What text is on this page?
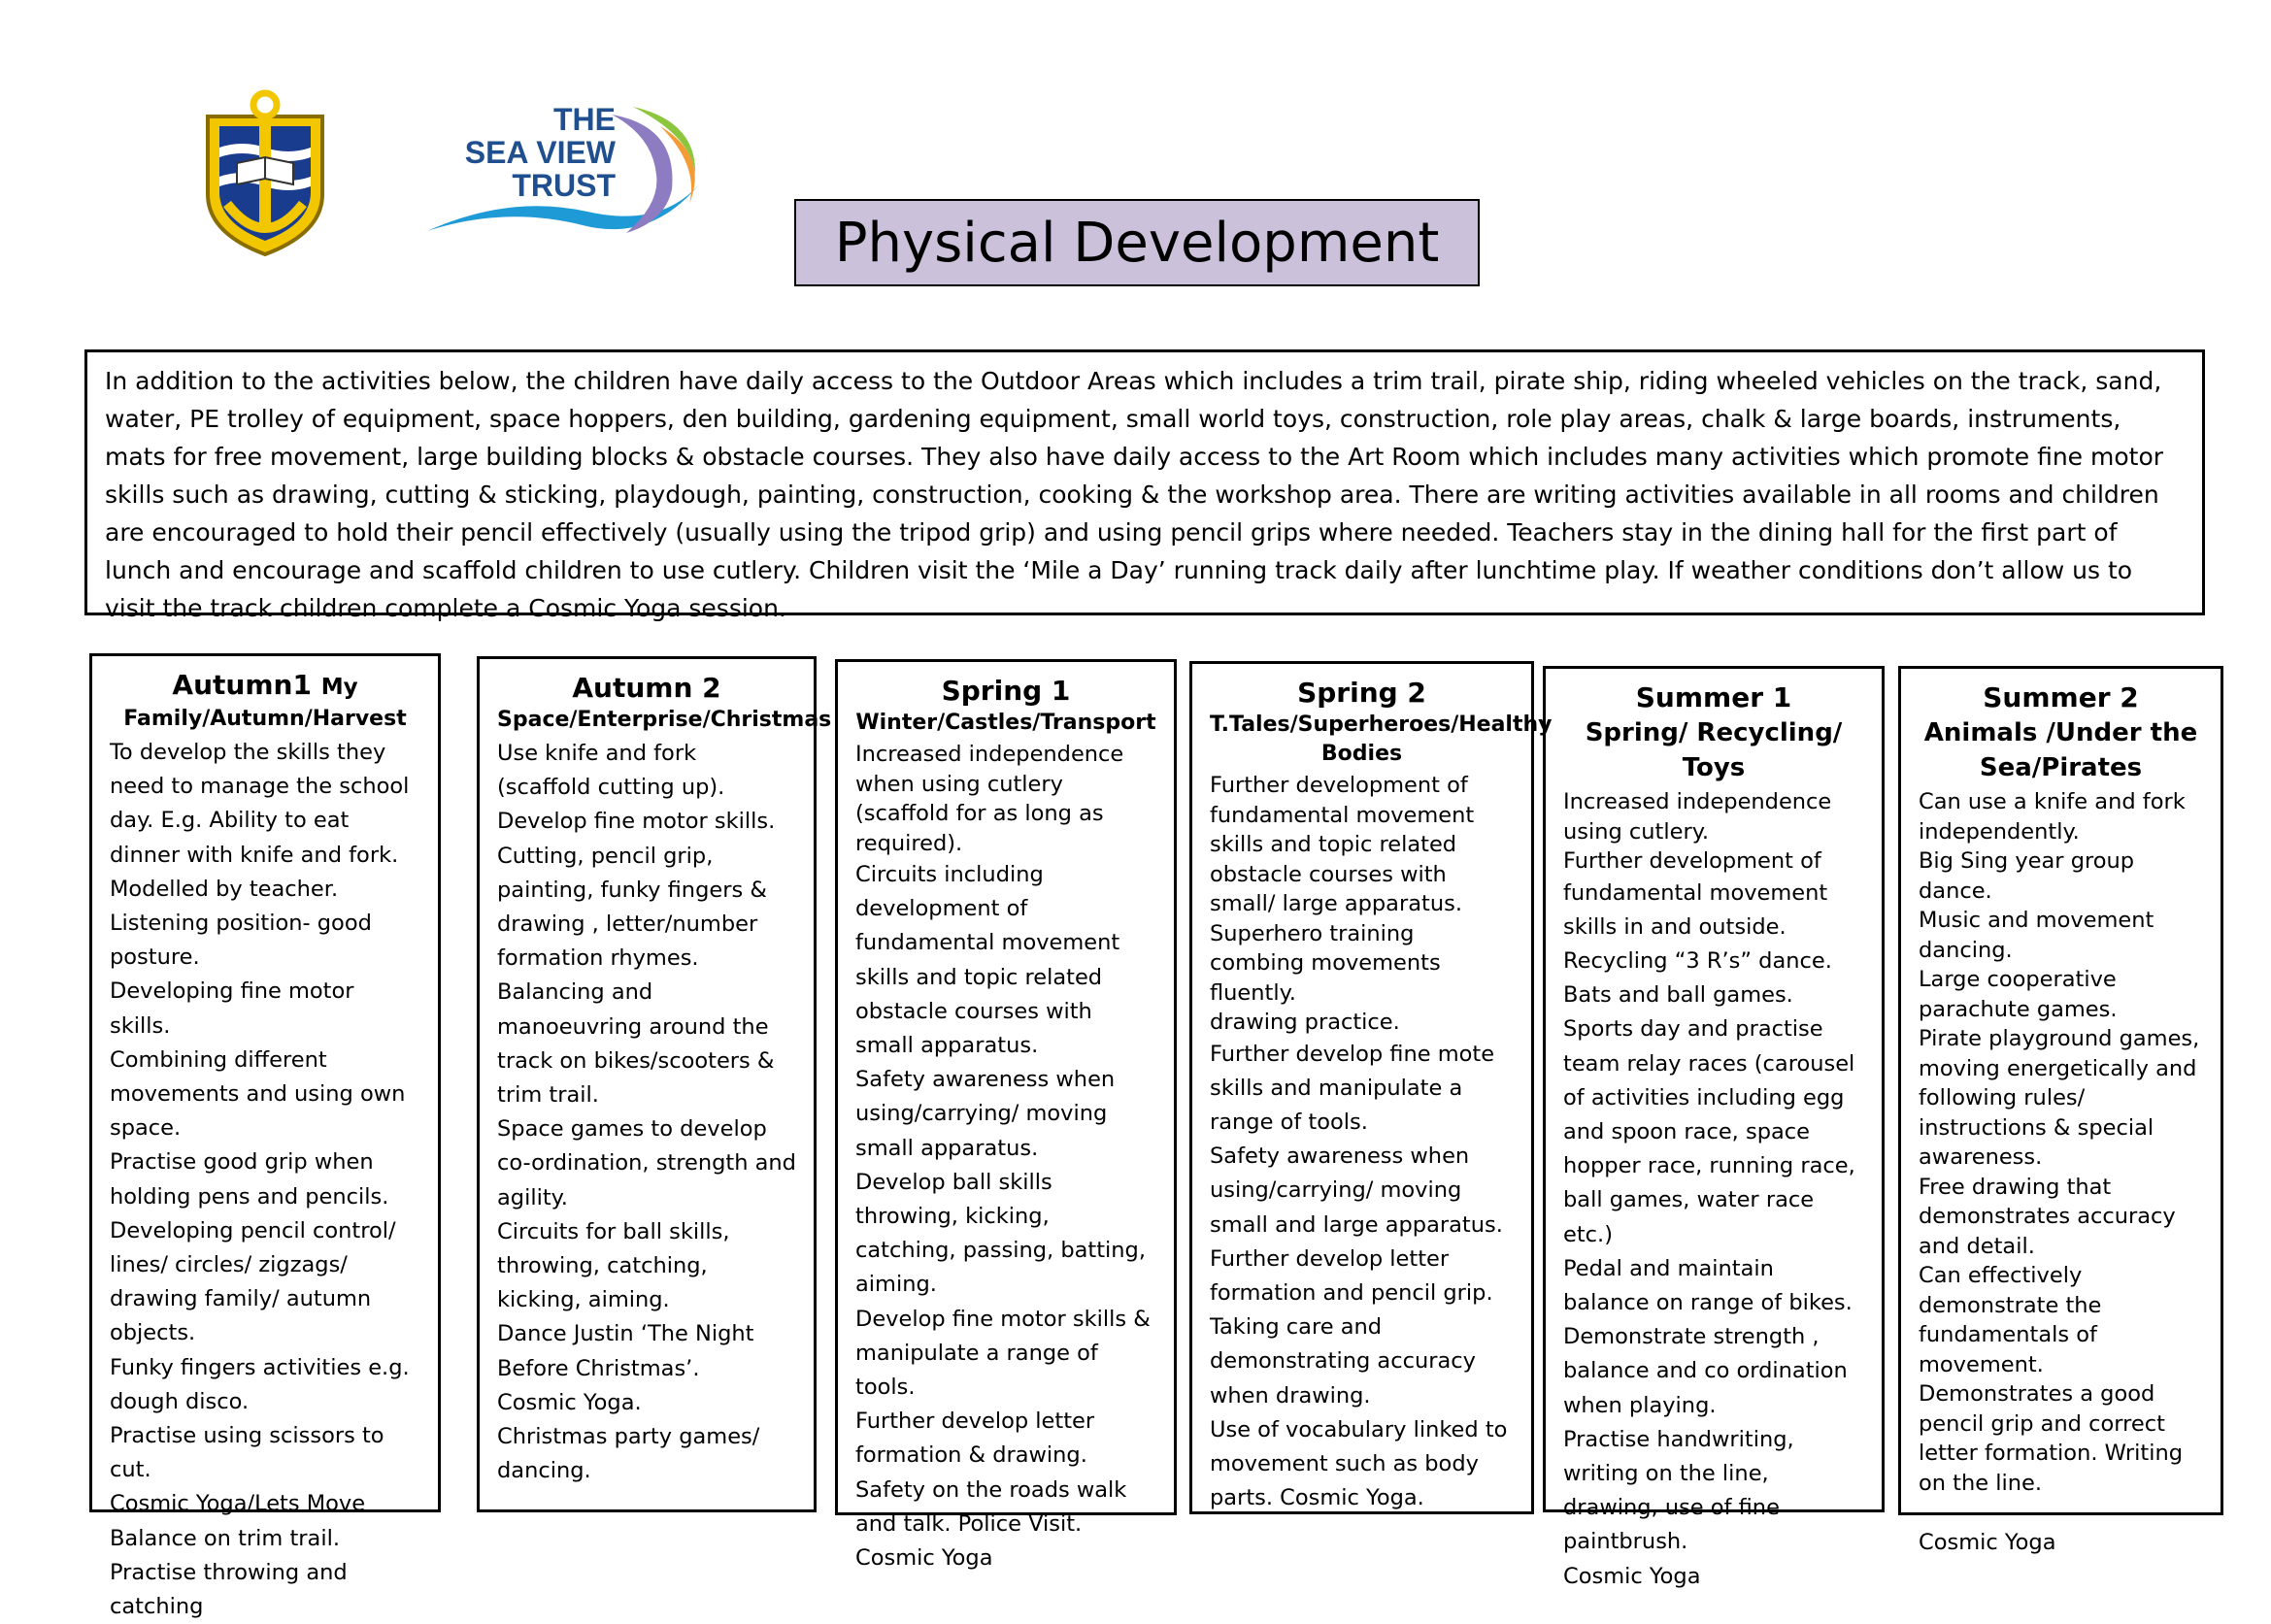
THE
SEA VIEW
TRUST
Physical Development
In addition to the activities below, the children have daily access to the Outdoor Areas which includes a trim trail, pirate ship, riding wheeled vehicles on the track, sand, water, PE trolley of equipment, space hoppers, den building, gardening equipment, small world toys, construction, role play areas, chalk & large boards, instruments, mats for free movement, large building blocks & obstacle courses. They also have daily access to the Art Room which includes many activities which promote fine motor skills such as drawing, cutting & sticking, playdough, painting, construction, cooking & the workshop area. There are writing activities available in all rooms and children are encouraged to hold their pencil effectively (usually using the tripod grip) and using pencil grips where needed. Teachers stay in the dining hall for the first part of lunch and encourage and scaffold children to use cutlery. Children visit the ‘Mile a Day’ running track daily after lunchtime play. If weather conditions don’t allow us to visit the track children complete a Cosmic Yoga session.
Autumn1 My
Family/Autumn/Harvest
To develop the skills they need to manage the school day. E.g. Ability to eat dinner with knife and fork. Modelled by teacher.
Listening position- good posture.
Developing fine motor skills.
Combining different movements and using own space.
Practise good grip when holding pens and pencils.
Developing pencil control/ lines/ circles/ zigzags/ drawing family/ autumn objects.
Funky fingers activities e.g. dough disco.
Practise using scissors to cut.
Cosmic Yoga/Lets Move
Balance on trim trail.
Practise throwing and catching
Autumn 2
Space/Enterprise/Christmas
Use knife and fork (scaffold cutting up).
Develop fine motor skills.
Cutting, pencil grip, painting, funky fingers & drawing , letter/number formation rhymes.
Balancing and manoeuvring around the track on bikes/scooters & trim trail.
Space games to develop co-ordination, strength and agility.
Circuits for ball skills, throwing, catching, kicking, aiming.
Dance Justin ‘The Night Before Christmas’.
Cosmic Yoga.
Christmas party games/ dancing.
Spring 1
Winter/Castles/Transport
Increased independence when using cutlery (scaffold for as long as required).
Circuits including development of fundamental movement skills and topic related obstacle courses with small apparatus.
Safety awareness when using/carrying/ moving small apparatus.
Develop ball skills throwing, kicking, catching, passing, batting, aiming.
Develop fine motor skills & manipulate a range of tools.
Further develop letter formation & drawing.
Safety on the roads walk and talk. Police Visit.
Cosmic Yoga
Spring 2
T.Tales/Superheroes/Healthy Bodies
Further development of fundamental movement skills and topic related obstacle courses with small/ large apparatus.
Superhero training combing movements fluently.
drawing practice.
Further develop fine mote skills and manipulate a range of tools.
Safety awareness when using/carrying/ moving small and large apparatus.
Further develop letter formation and pencil grip.
Taking care and demonstrating accuracy when drawing.
Use of vocabulary linked to movement such as body parts. Cosmic Yoga.
Summer 1
Spring/ Recycling/ Toys
Increased independence using cutlery.
Further development of
fundamental movement skills in and outside.
Recycling “3 R’s” dance.
Bats and ball games.
Sports day and practise team relay races (carousel of activities including egg and spoon race, space hopper race, running race, ball games, water race etc.)
Pedal and maintain balance on range of bikes.
Demonstrate strength , balance and co ordination when playing.
Practise handwriting, writing on the line, drawing, use of fine paintbrush.
Cosmic Yoga
Summer 2
Animals /Under the Sea/Pirates
Can use a knife and fork independently.
Big Sing year group dance.
Music and movement dancing.
Large cooperative parachute games.
Pirate playground games, moving energetically and following rules/ instructions & special awareness.
Free drawing that demonstrates accuracy and detail.
Can effectively demonstrate the fundamentals of movement.
Demonstrates a good pencil grip and correct letter formation. Writing on the line.

Cosmic Yoga
